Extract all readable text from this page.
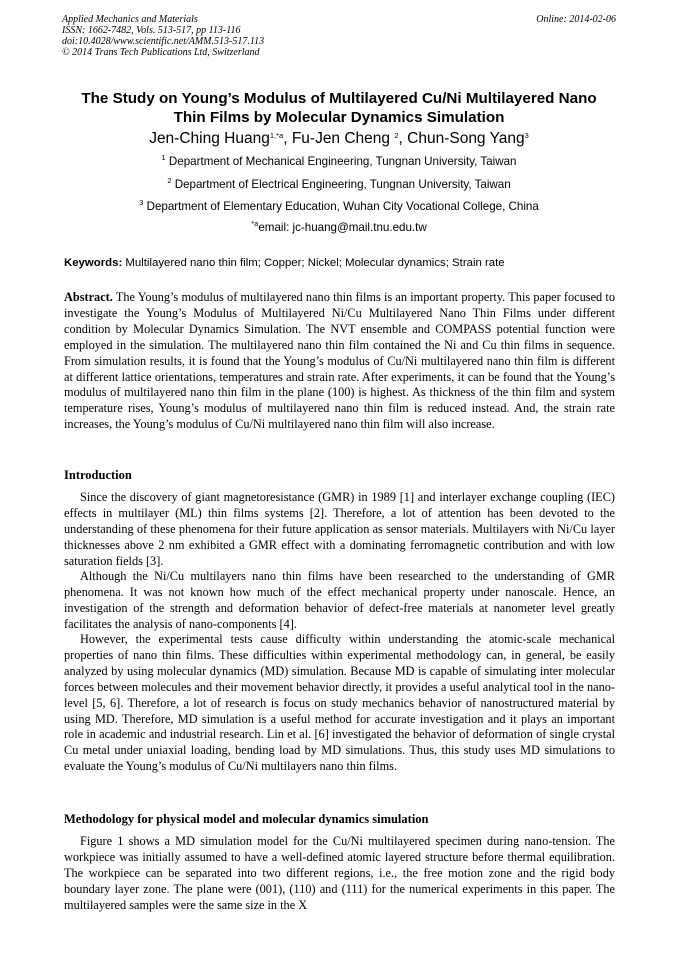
Applied Mechanics and Materials
ISSN: 1662-7482, Vols. 513-517, pp 113-116
doi:10.4028/www.scientific.net/AMM.513-517.113
© 2014 Trans Tech Publications Ltd, Switzerland
Online: 2014-02-06
The Study on Young’s Modulus of Multilayered Cu/Ni Multilayered Nano
Thin Films by Molecular Dynamics Simulation
Jen-Ching Huang$^{1,*a}$, Fu-Jen Cheng $^2$, Chun-Song Yang$^3$
$^1$ Department of Mechanical Engineering, Tungnan University, Taiwan
$^2$ Department of Electrical Engineering, Tungnan University, Taiwan
$^3$ Department of Elementary Education, Wuhan City Vocational College, China
$^{*a}$email: jc-huang@mail.tnu.edu.tw
Keywords: Multilayered nano thin film; Copper; Nickel; Molecular dynamics; Strain rate
Abstract. The Young’s modulus of multilayered nano thin films is an important property. This paper focused to investigate the Young’s Modulus of Multilayered Ni/Cu Multilayered Nano Thin Films under different condition by Molecular Dynamics Simulation. The NVT ensemble and COMPASS potential function were employed in the simulation. The multilayered nano thin film contained the Ni and Cu thin films in sequence. From simulation results, it is found that the Young’s modulus of Cu/Ni multilayered nano thin film is different at different lattice orientations, temperatures and strain rate. After experiments, it can be found that the Young’s modulus of multilayered nano thin film in the plane (100) is highest. As thickness of the thin film and system temperature rises, Young’s modulus of multilayered nano thin film is reduced instead. And, the strain rate increases, the Young’s modulus of Cu/Ni multilayered nano thin film will also increase.
Introduction
Since the discovery of giant magnetoresistance (GMR) in 1989 [1] and interlayer exchange coupling (IEC) effects in multilayer (ML) thin films systems [2]. Therefore, a lot of attention has been devoted to the understanding of these phenomena for their future application as sensor materials. Multilayers with Ni/Cu layer thicknesses above 2 nm exhibited a GMR effect with a dominating ferromagnetic contribution and with low saturation fields [3].
Although the Ni/Cu multilayers nano thin films have been researched to the understanding of GMR phenomena. It was not known how much of the effect mechanical property under nanoscale. Hence, an investigation of the strength and deformation behavior of defect-free materials at nanometer level greatly facilitates the analysis of nano-components [4].
However, the experimental tests cause difficulty within understanding the atomic-scale mechanical properties of nano thin films. These difficulties within experimental methodology can, in general, be easily analyzed by using molecular dynamics (MD) simulation. Because MD is capable of simulating inter molecular forces between molecules and their movement behavior directly, it provides a useful analytical tool in the nano-level [5, 6]. Therefore, a lot of research is focus on study mechanics behavior of nanostructured material by using MD. Therefore, MD simulation is a useful method for accurate investigation and it plays an important role in academic and industrial research. Lin et al. [6] investigated the behavior of deformation of single crystal Cu metal under uniaxial loading, bending load by MD simulations. Thus, this study uses MD simulations to evaluate the Young’s modulus of Cu/Ni multilayers nano thin films.
Methodology for physical model and molecular dynamics simulation
Figure 1 shows a MD simulation model for the Cu/Ni multilayered specimen during nano-tension. The workpiece was initially assumed to have a well-defined atomic layered structure before thermal equilibration. The workpiece can be separated into two different regions, i.e., the free motion zone and the rigid body boundary layer zone. The plane were (001), (110) and (111) for the numerical experiments in this paper. The multilayered samples were the same size in the X
